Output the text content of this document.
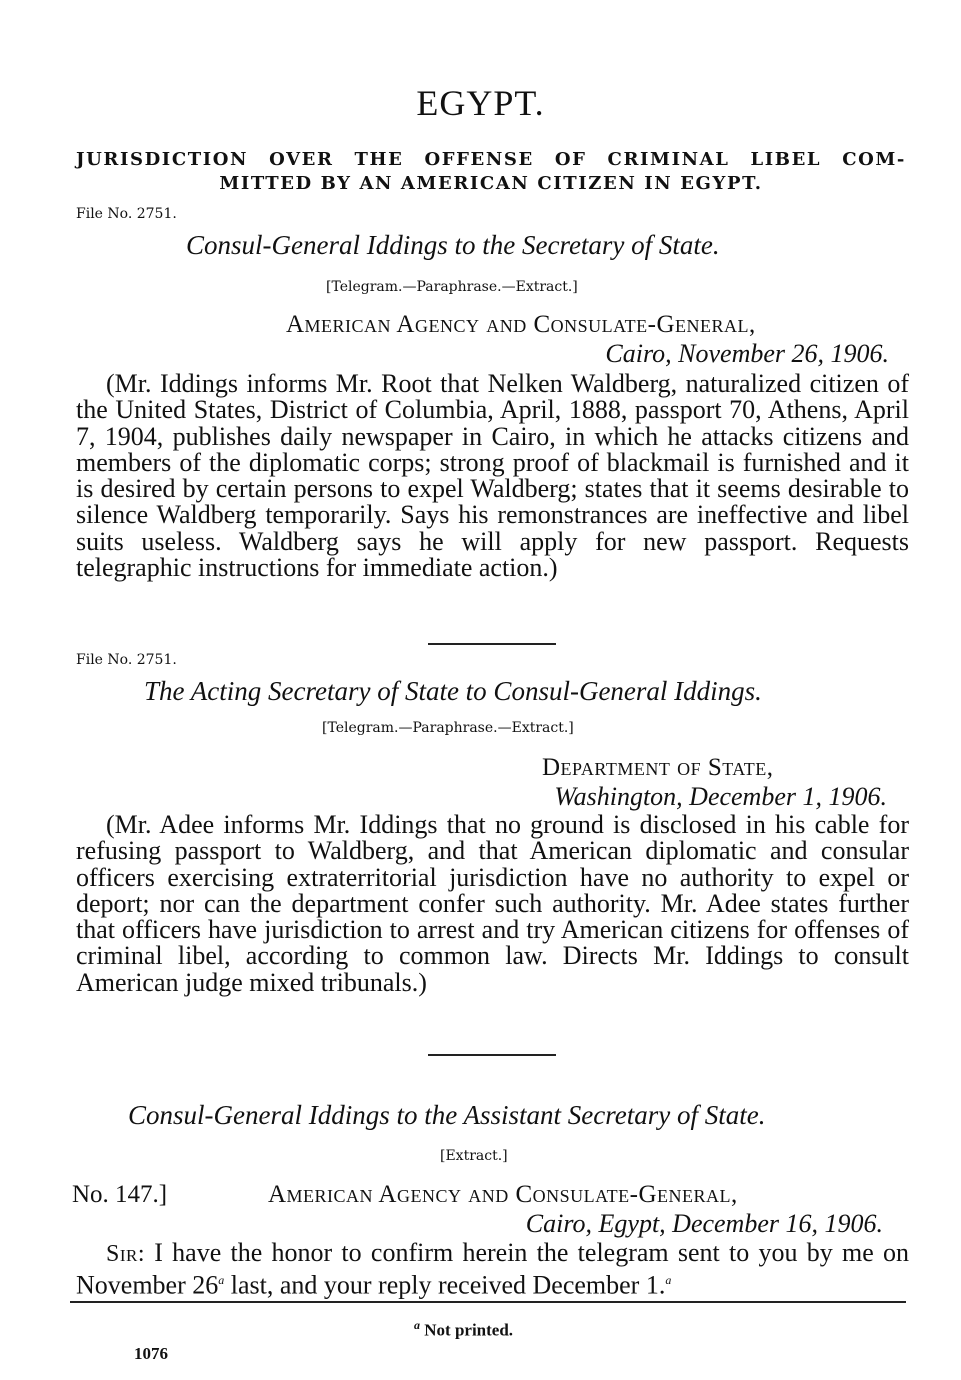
EGYPT.
JURISDICTION OVER THE OFFENSE OF CRIMINAL LIBEL COM-
MITTED BY AN AMERICAN CITIZEN IN EGYPT.
File No. 2751.
Consul-General Iddings to the Secretary of State.
[Telegram.—Paraphrase.—Extract.]
American Agency and Consulate-General,
Cairo, November 26, 1906.
(Mr. Iddings informs Mr. Root that Nelken Waldberg, naturalized citizen of the United States, District of Columbia, April, 1888, passport 70, Athens, April 7, 1904, publishes daily newspaper in Cairo, in which he attacks citizens and members of the diplomatic corps; strong proof of blackmail is furnished and it is desired by certain persons to expel Waldberg; states that it seems desirable to silence Waldberg temporarily. Says his remonstrances are ineffective and libel suits useless. Waldberg says he will apply for new passport. Requests telegraphic instructions for immediate action.)
File No. 2751.
The Acting Secretary of State to Consul-General Iddings.
[Telegram.—Paraphrase.—Extract.]
Department of State,
Washington, December 1, 1906.
(Mr. Adee informs Mr. Iddings that no ground is disclosed in his cable for refusing passport to Waldberg, and that American diplomatic and consular officers exercising extraterritorial jurisdiction have no authority to expel or deport; nor can the department confer such authority. Mr. Adee states further that officers have jurisdiction to arrest and try American citizens for offenses of criminal libel, according to common law. Directs Mr. Iddings to consult American judge mixed tribunals.)
Consul-General Iddings to the Assistant Secretary of State.
[Extract.]
No. 147.]	American Agency and Consulate-General,
Cairo, Egypt, December 16, 1906.
Sir: I have the honor to confirm herein the telegram sent to you by me on November 26$^a$ last, and your reply received December 1.$^a$
$^a$ Not printed.
1076
